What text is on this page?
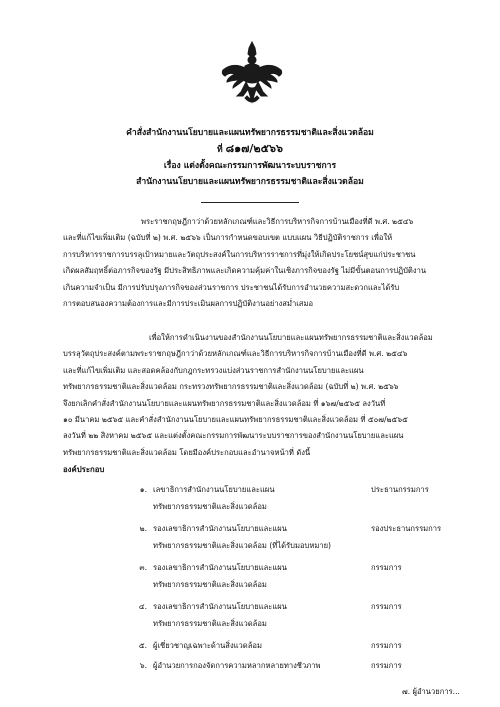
คำสั่งสำนักงานนโยบายและแผนทรัพยากรธรรมชาติและสิ่งแวดล้อม
ที่ ๘๑๗/๒๕๖๖
เรื่อง แต่งตั้งคณะกรรมการพัฒนาระบบราชการ
สำนักงานนโยบายและแผนทรัพยากรธรรมชาติและสิ่งแวดล้อม
พระราชกฤษฎีกาว่าด้วยหลักเกณฑ์และวิธีการบริหารกิจการบ้านเมืองที่ดี พ.ศ. ๒๕๔๖
และที่แก้ไขเพิ่มเติม (ฉบับที่ ๒) พ.ศ. ๒๕๖๖ เป็นการกำหนดขอบเขต แบบแผน วิธีปฏิบัติราชการ เพื่อให้
การบริหารราชการบรรลุเป้าหมายและวัตถุประสงค์ในการบริหารราชการที่มุ่งให้เกิดประโยชน์สุขแก่ประชาชน
เกิดผลสัมฤทธิ์ต่อภารกิจของรัฐ มีประสิทธิภาพและเกิดความคุ้มค่าในเชิงภารกิจของรัฐ ไม่มีขั้นตอนการปฏิบัติงาน
เกินความจำเป็น มีการปรับปรุงภารกิจของส่วนราชการ ประชาชนได้รับการอำนวยความสะดวกและได้รับ
การตอบสนองความต้องการและมีการประเมินผลการปฏิบัติงานอย่างสม่ำเสมอ
เพื่อให้การดำเนินงานของสำนักงานนโยบายและแผนทรัพยากรธรรมชาติและสิ่งแวดล้อม
บรรลุวัตถุประสงค์ตามพระราชกฤษฎีกาว่าด้วยหลักเกณฑ์และวิธีการบริหารกิจการบ้านเมืองที่ดี พ.ศ. ๒๕๔๖
และที่แก้ไขเพิ่มเติม และสอดคล้องกับกฎกระทรวงแบ่งส่วนราชการสำนักงานนโยบายและแผน
ทรัพยากรธรรมชาติและสิ่งแวดล้อม กระทรวงทรัพยากรธรรมชาติและสิ่งแวดล้อม (ฉบับที่ ๒) พ.ศ. ๒๕๖๖
จึงยกเลิกคำสั่งสำนักงานนโยบายและแผนทรัพยากรธรรมชาติและสิ่งแวดล้อม ที่ ๑๖๗/๒๕๖๕ ลงวันที่
๑๐ มีนาคม ๒๕๖๕ และคำสั่งสำนักงานนโยบายและแผนทรัพยากรธรรมชาติและสิ่งแวดล้อม ที่ ๕๐๗/๒๕๖๕
ลงวันที่ ๒๒ สิงหาคม ๒๕๖๕ และแต่งตั้งคณะกรรมการพัฒนาระบบราชการของสำนักงานนโยบายและแผน
ทรัพยากรธรรมชาติและสิ่งแวดล้อม โดยมีองค์ประกอบและอำนาจหน้าที่ ดังนี้
องค์ประกอบ
๑. เลขาธิการสำนักงานนโยบายและแผน
ทรัพยากรธรรมชาติและสิ่งแวดล้อม
ประธานกรรมการ
๒. รองเลขาธิการสำนักงานนโยบายและแผน
ทรัพยากรธรรมชาติและสิ่งแวดล้อม (ที่ได้รับมอบหมาย)
รองประธานกรรมการ
๓. รองเลขาธิการสำนักงานนโยบายและแผน
ทรัพยากรธรรมชาติและสิ่งแวดล้อม
กรรมการ
๔. รองเลขาธิการสำนักงานนโยบายและแผน
ทรัพยากรธรรมชาติและสิ่งแวดล้อม
กรรมการ
๕. ผู้เชี่ยวชาญเฉพาะด้านสิ่งแวดล้อม	กรรมการ
๖. ผู้อำนวยการกองจัดการความหลากหลายทางชีวภาพ	กรรมการ
๗. ผู้อำนวยการ...
